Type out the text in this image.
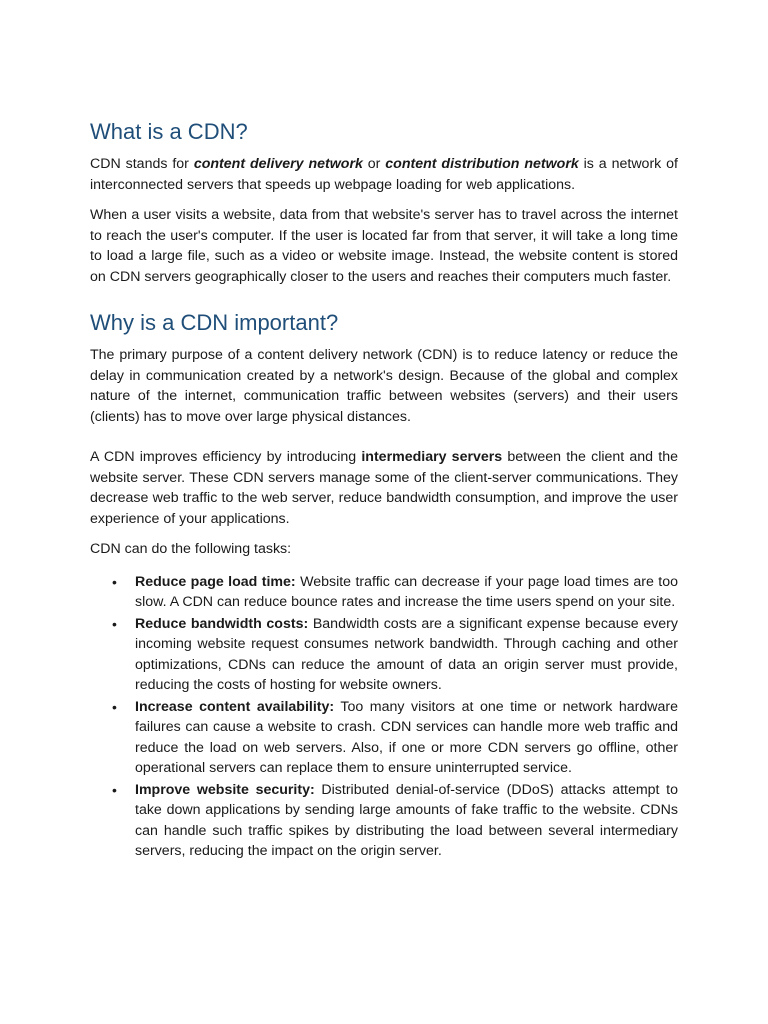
What is a CDN?

CDN stands for content delivery network or content distribution network is a network of interconnected servers that speeds up webpage loading for web applications.

When a user visits a website, data from that website's server has to travel across the internet to reach the user's computer. If the user is located far from that server, it will take a long time to load a large file, such as a video or website image. Instead, the website content is stored on CDN servers geographically closer to the users and reaches their computers much faster.

Why is a CDN important?

The primary purpose of a content delivery network (CDN) is to reduce latency or reduce the delay in communication created by a network's design. Because of the global and complex nature of the internet, communication traffic between websites (servers) and their users (clients) has to move over large physical distances.

A CDN improves efficiency by introducing intermediary servers between the client and the website server. These CDN servers manage some of the client-server communications. They decrease web traffic to the web server, reduce bandwidth consumption, and improve the user experience of your applications.

CDN can do the following tasks:

• Reduce page load time: Website traffic can decrease if your page load times are too slow. A CDN can reduce bounce rates and increase the time users spend on your site.
• Reduce bandwidth costs: Bandwidth costs are a significant expense because every incoming website request consumes network bandwidth. Through caching and other optimizations, CDNs can reduce the amount of data an origin server must provide, reducing the costs of hosting for website owners.
• Increase content availability: Too many visitors at one time or network hardware failures can cause a website to crash. CDN services can handle more web traffic and reduce the load on web servers. Also, if one or more CDN servers go offline, other operational servers can replace them to ensure uninterrupted service.
• Improve website security: Distributed denial-of-service (DDoS) attacks attempt to take down applications by sending large amounts of fake traffic to the website. CDNs can handle such traffic spikes by distributing the load between several intermediary servers, reducing the impact on the origin server.
